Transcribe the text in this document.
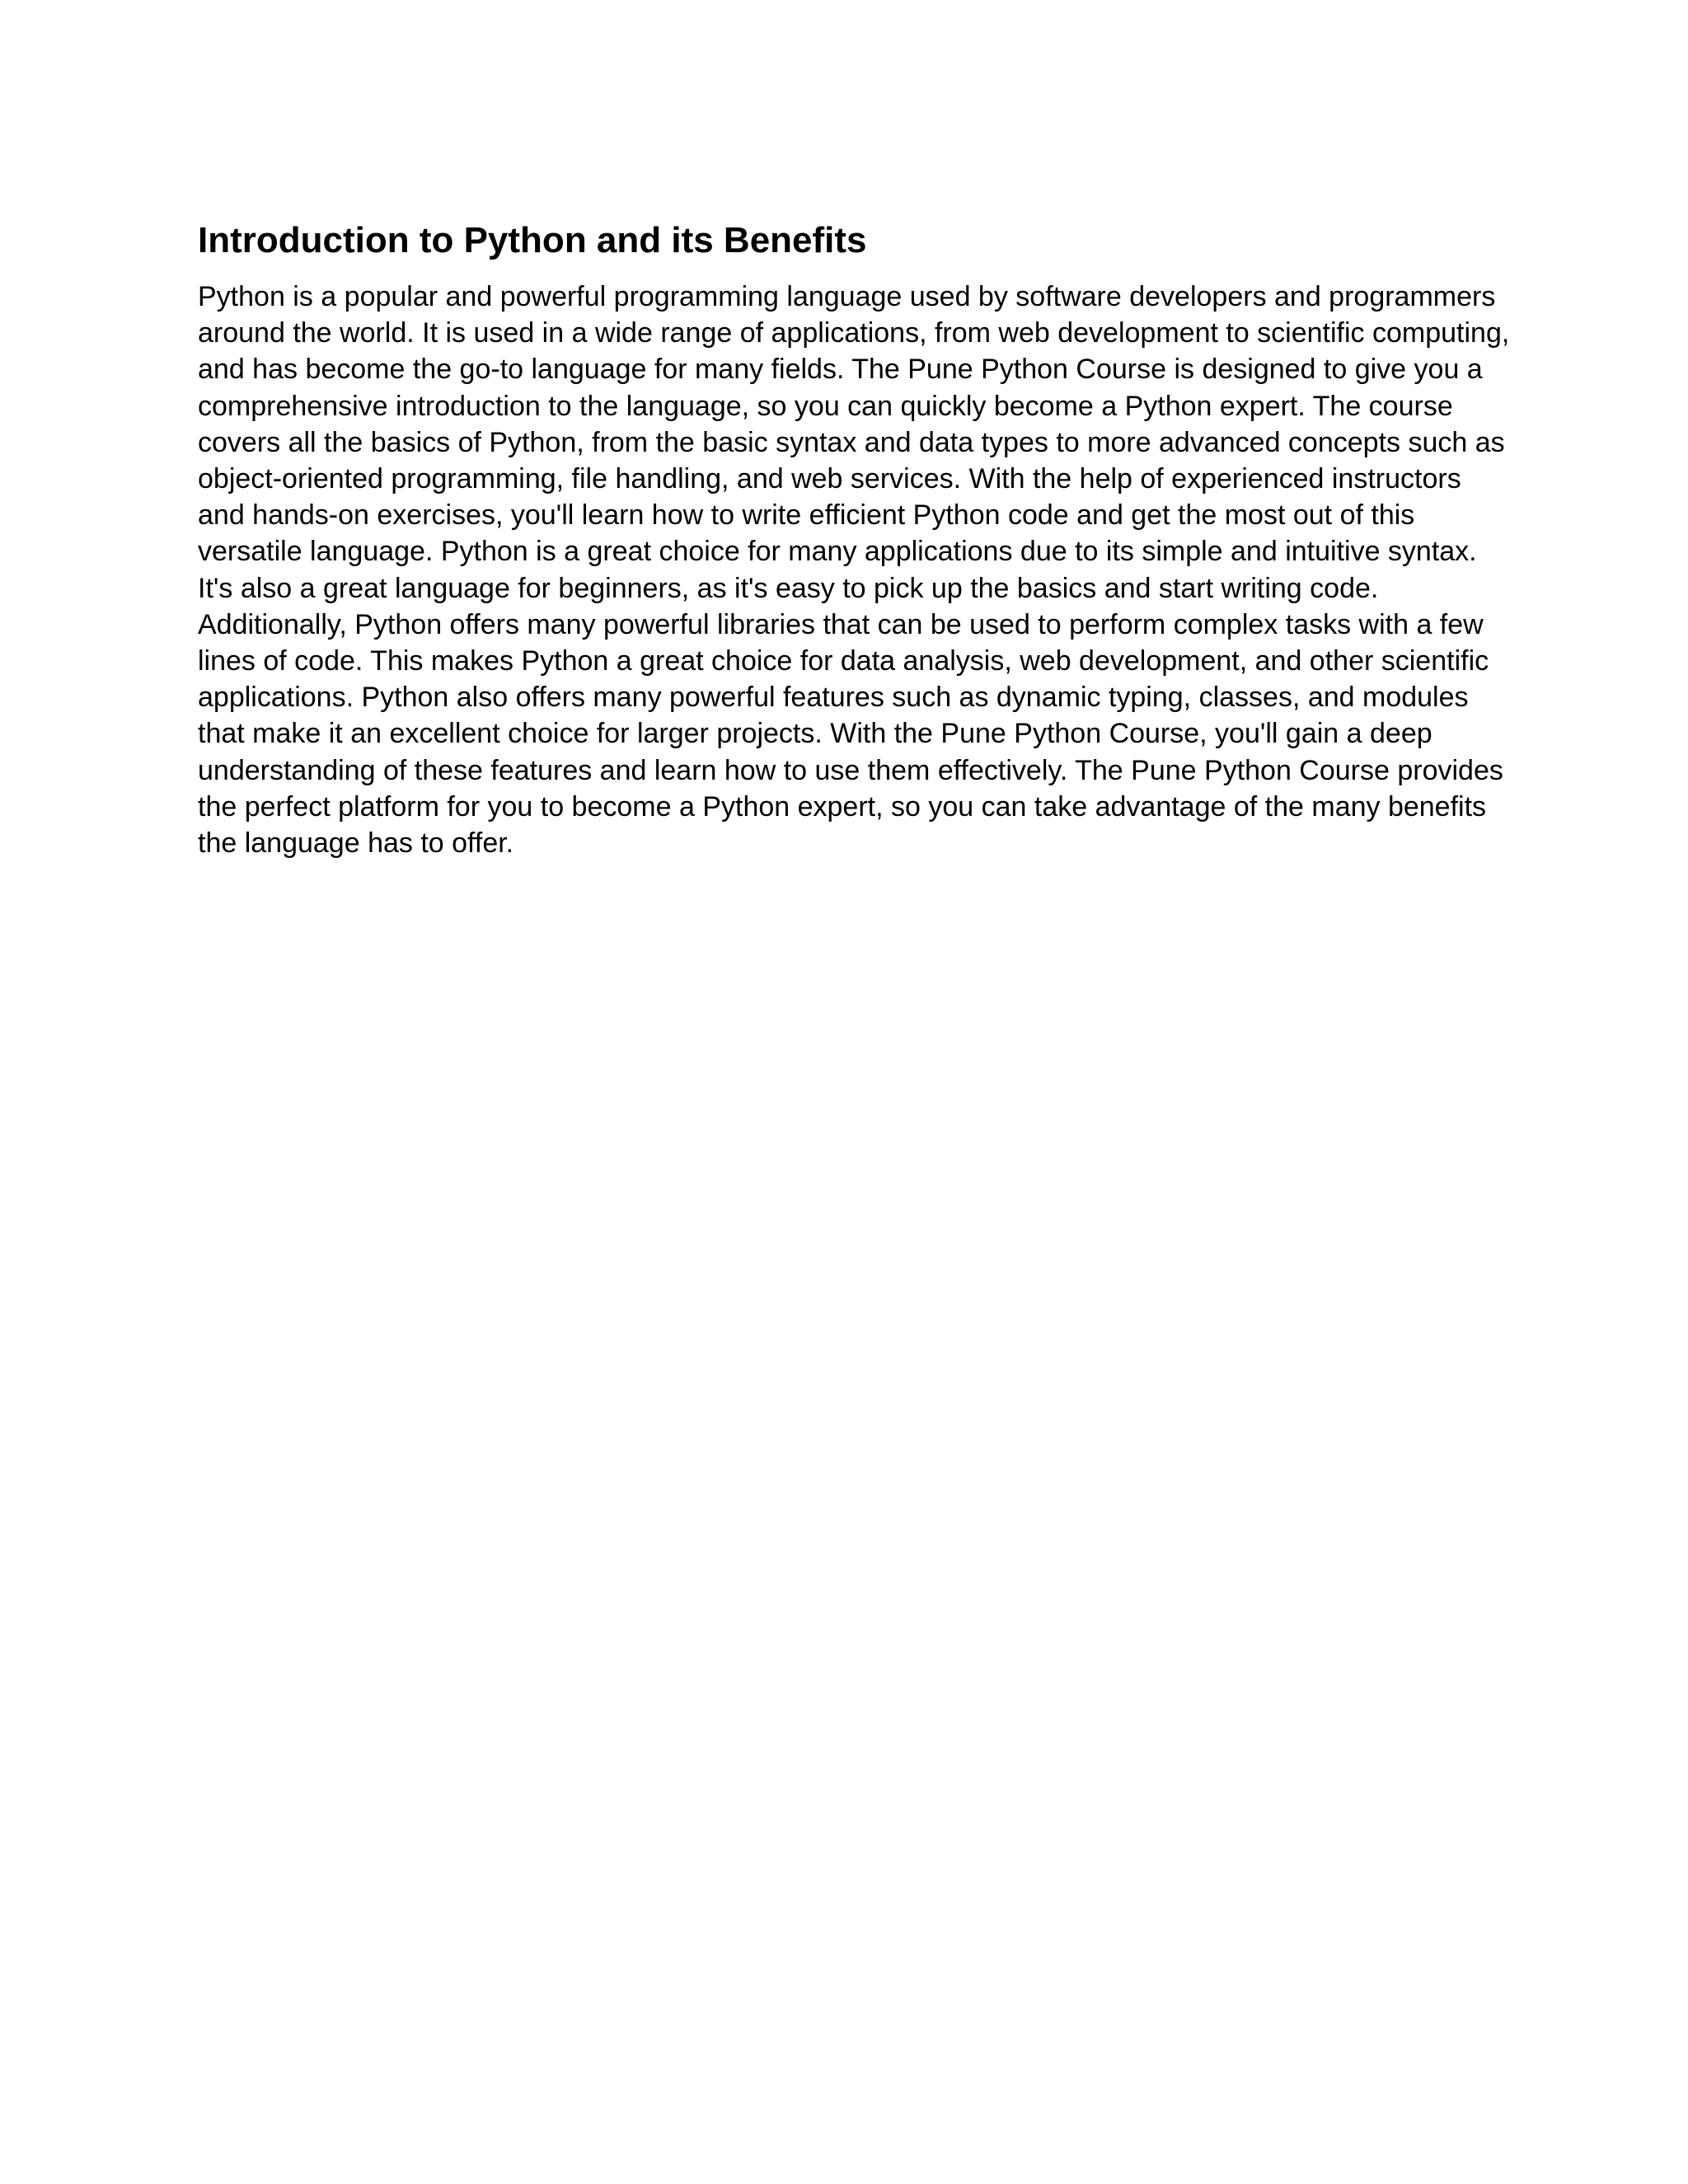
Introduction to Python and its Benefits

Python is a popular and powerful programming language used by software developers and programmers
around the world. It is used in a wide range of applications, from web development to scientific computing,
and has become the go-to language for many fields. The Pune Python Course is designed to give you a
comprehensive introduction to the language, so you can quickly become a Python expert. The course
covers all the basics of Python, from the basic syntax and data types to more advanced concepts such as
object-oriented programming, file handling, and web services. With the help of experienced instructors
and hands-on exercises, you'll learn how to write efficient Python code and get the most out of this
versatile language. Python is a great choice for many applications due to its simple and intuitive syntax.
It's also a great language for beginners, as it's easy to pick up the basics and start writing code.
Additionally, Python offers many powerful libraries that can be used to perform complex tasks with a few
lines of code. This makes Python a great choice for data analysis, web development, and other scientific
applications. Python also offers many powerful features such as dynamic typing, classes, and modules
that make it an excellent choice for larger projects. With the Pune Python Course, you'll gain a deep
understanding of these features and learn how to use them effectively. The Pune Python Course provides
the perfect platform for you to become a Python expert, so you can take advantage of the many benefits
the language has to offer.
